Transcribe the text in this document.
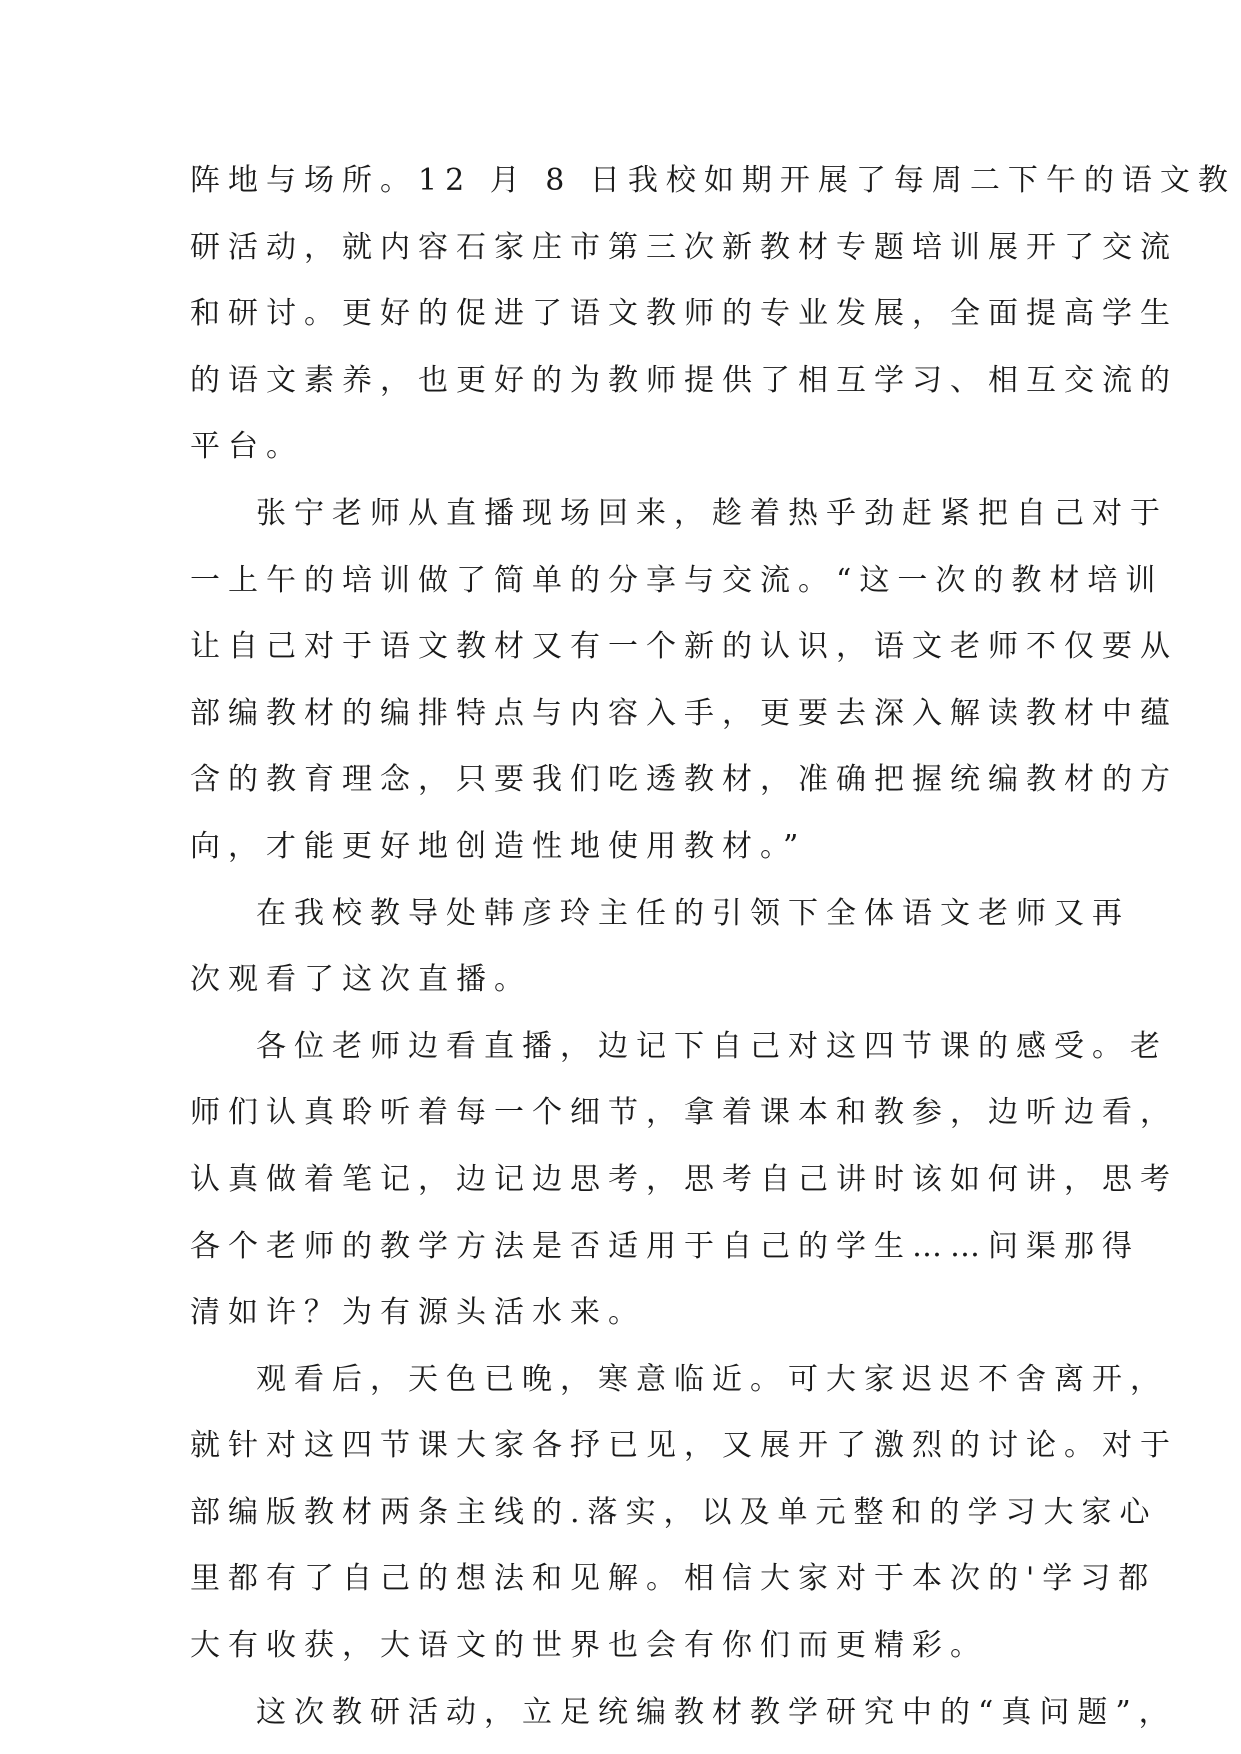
阵地与场所。12 月 8 日我校如期开展了每周二下午的语文教
研活动，就内容石家庄市第三次新教材专题培训展开了交流
和研讨。更好的促进了语文教师的专业发展，全面提高学生
的语文素养，也更好的为教师提供了相互学习、相互交流的
平台。
张宁老师从直播现场回来，趁着热乎劲赶紧把自己对于
一上午的培训做了简单的分享与交流。“这一次的教材培训
让自己对于语文教材又有一个新的认识，语文老师不仅要从
部编教材的编排特点与内容入手，更要去深入解读教材中蕴
含的教育理念，只要我们吃透教材，准确把握统编教材的方
向，才能更好地创造性地使用教材。”
在我校教导处韩彦玲主任的引领下全体语文老师又再
次观看了这次直播。
各位老师边看直播，边记下自己对这四节课的感受。老
师们认真聆听着每一个细节，拿着课本和教参，边听边看，
认真做着笔记，边记边思考，思考自己讲时该如何讲，思考
各个老师的教学方法是否适用于自己的学生……问渠那得
清如许？为有源头活水来。
观看后，天色已晚，寒意临近。可大家迟迟不舍离开，
就针对这四节课大家各抒已见，又展开了激烈的讨论。对于
部编版教材两条主线的.落实，以及单元整和的学习大家心
里都有了自己的想法和见解。相信大家对于本次的'学习都
大有收获，大语文的世界也会有你们而更精彩。
这次教研活动，立足统编教材教学研究中的“真问题”，
